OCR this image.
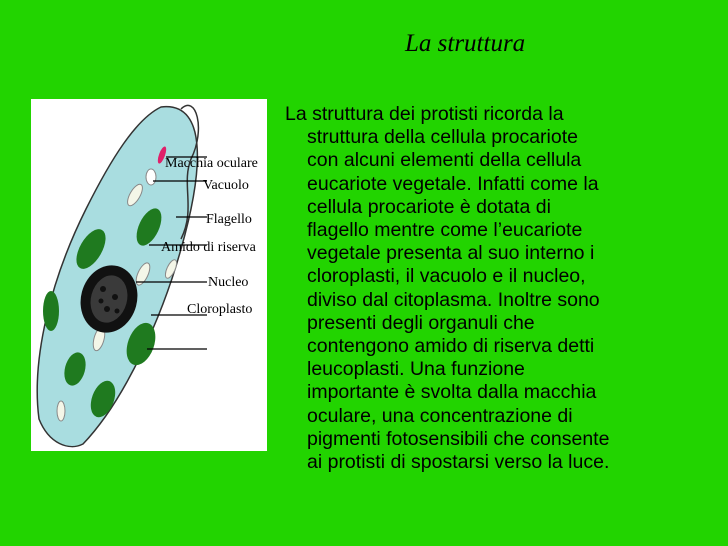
La struttura
Macchia oculare
Vacuolo
Flagello
Amido di riserva
Nucleo
Cloroplasto
La struttura dei protisti ricorda la
struttura della cellula procariote
con alcuni elementi della cellula
eucariote vegetale. Infatti come la
cellula procariote è dotata di
flagello mentre come l’eucariote
vegetale presenta al suo interno i
cloroplasti, il vacuolo e il nucleo,
diviso dal citoplasma. Inoltre sono
presenti degli organuli che
contengono amido di riserva detti
leucoplasti. Una funzione
importante è svolta dalla macchia
oculare, una concentrazione di
pigmenti fotosensibili che consente
ai protisti di spostarsi verso la luce.
